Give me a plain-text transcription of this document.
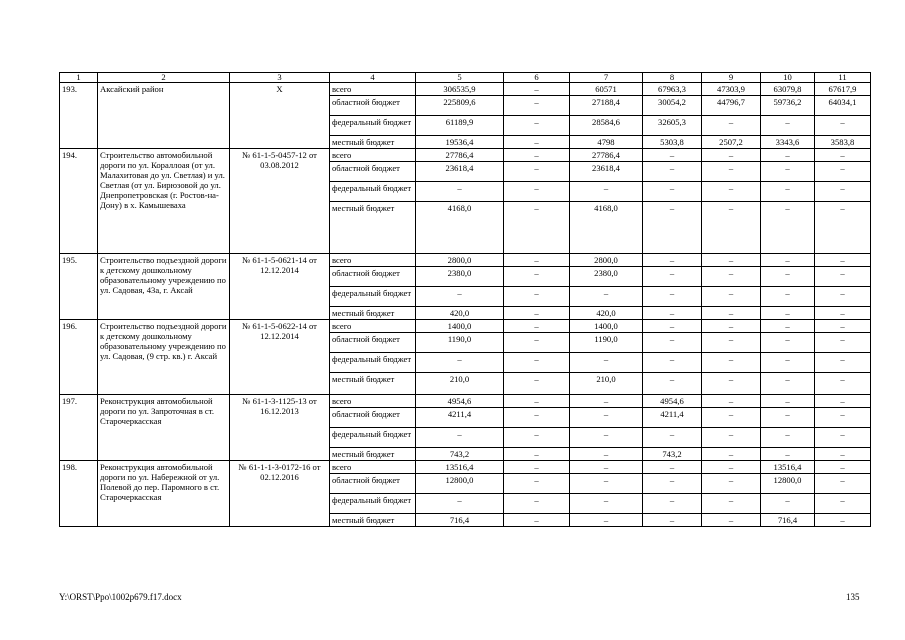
1	2	3	4	5	6	7	8	9	10	11
193.	Аксайский район	Х	всего	306535,9	–	60571	67963,3	47303,9	63079,8	67617,9
			областной бюджет	225809,6	–	27188,4	30054,2	44796,7	59736,2	64034,1
			федеральный бюджет	61189,9	–	28584,6	32605,3	–	–	–
			местный бюджет	19536,4	–	4798	5303,8	2507,2	3343,6	3583,8
194.	Строительство автомобильной дороги по ул. Кораллоая (от ул. Малахитовая до ул. Светлая) и ул. Светлая (от ул. Бирюзовой до ул. Днепропетровская (г. Ростов-на-Дону) в х. Камышеваха	№ 61-1-5-0457-12 от 03.08.2012	всего	27786,4	–	27786,4	–	–	–	–
			областной бюджет	23618,4	–	23618,4	–	–	–	–
			федеральный бюджет	–	–	–	–	–	–	–
			местный бюджет	4168,0	–	4168,0	–	–	–	–
195.	Строительство подъездной дороги к детскому дошкольному образовательному учреждению по ул. Садовая, 43а, г. Аксай	№ 61-1-5-0621-14 от 12.12.2014	всего	2800,0	–	2800,0	–	–	–	–
			областной бюджет	2380,0	–	2380,0	–	–	–	–
			федеральный бюджет	–	–	–	–	–	–	–
			местный бюджет	420,0	–	420,0	–	–	–	–
196.	Строительство подъездной дороги к детскому дошкольному образовательному учреждению по ул. Садовая, (9 стр. кв.) г. Аксай	№ 61-1-5-0622-14 от 12.12.2014	всего	1400,0	–	1400,0	–	–	–	–
			областной бюджет	1190,0	–	1190,0	–	–	–	–
			федеральный бюджет	–	–	–	–	–	–	–
			местный бюджет	210,0	–	210,0	–	–	–	–
197.	Реконструкция автомобильной дороги по ул. Запроточная в ст. Старочеркасская	№ 61-1-3-1125-13 от 16.12.2013	всего	4954,6	–	–	4954,6	–	–	–
			областной бюджет	4211,4	–	–	4211,4	–	–	–
			федеральный бюджет	–	–	–	–	–	–	–
			местный бюджет	743,2	–	–	743,2	–	–	–
198.	Реконструкция автомобильной дороги по ул. Набережной от ул. Полевой до пер. Паромного в ст. Старочеркасская	№ 61-1-1-3-0172-16 от 02.12.2016	всего	13516,4	–	–	–	–	13516,4	–
			областной бюджет	12800,0	–	–	–	–	12800,0	–
			федеральный бюджет	–	–	–	–	–	–	–
			местный бюджет	716,4	–	–	–	–	716,4	–
Y:\ORST\Ppo\1002p679.f17.docx	135
